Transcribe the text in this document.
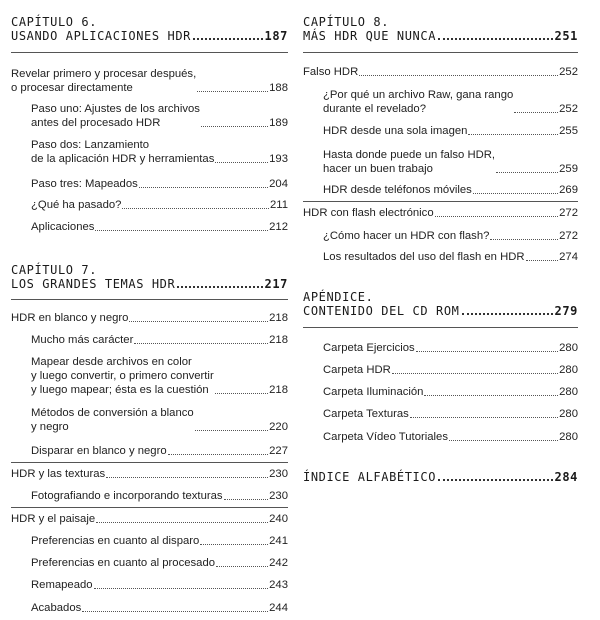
CAPÍTULO 6.
USANDO APLICACIONES HDR	187
Revelar primero y procesar después,
o procesar directamente	188
Paso uno: Ajustes de los archivos
antes del procesado HDR	189
Paso dos: Lanzamiento
de la aplicación HDR y herramientas	193
Paso tres: Mapeados	204
¿Qué ha pasado?	211
Aplicaciones	212
CAPÍTULO 7.
LOS GRANDES TEMAS HDR	217
HDR en blanco y negro	218
Mucho más carácter	218
Mapear desde archivos en color
y luego convertir, o primero convertir
y luego mapear; ésta es la cuestión	218
Métodos de conversión a blanco
y negro	220
Disparar en blanco y negro	227
HDR y las texturas	230
Fotografiando e incorporando texturas	230
HDR y el paisaje	240
Preferencias en cuanto al disparo	241
Preferencias en cuanto al procesado	242
Remapeado	243
Acabados	244
CAPÍTULO 8.
MÁS HDR QUE NUNCA	251
Falso HDR	252
¿Por qué un archivo Raw, gana rango
durante el revelado?	252
HDR desde una sola imagen	255
Hasta donde puede un falso HDR,
hacer un buen trabajo	259
HDR desde teléfonos móviles	269
HDR con flash electrónico	272
¿Cómo hacer un HDR con flash?	272
Los resultados del uso del flash en HDR	274
APÉNDICE.
CONTENIDO DEL CD ROM	279
Carpeta Ejercicios	280
Carpeta HDR	280
Carpeta Iluminación	280
Carpeta Texturas	280
Carpeta Vídeo Tutoriales	280
ÍNDICE ALFABÉTICO	284
